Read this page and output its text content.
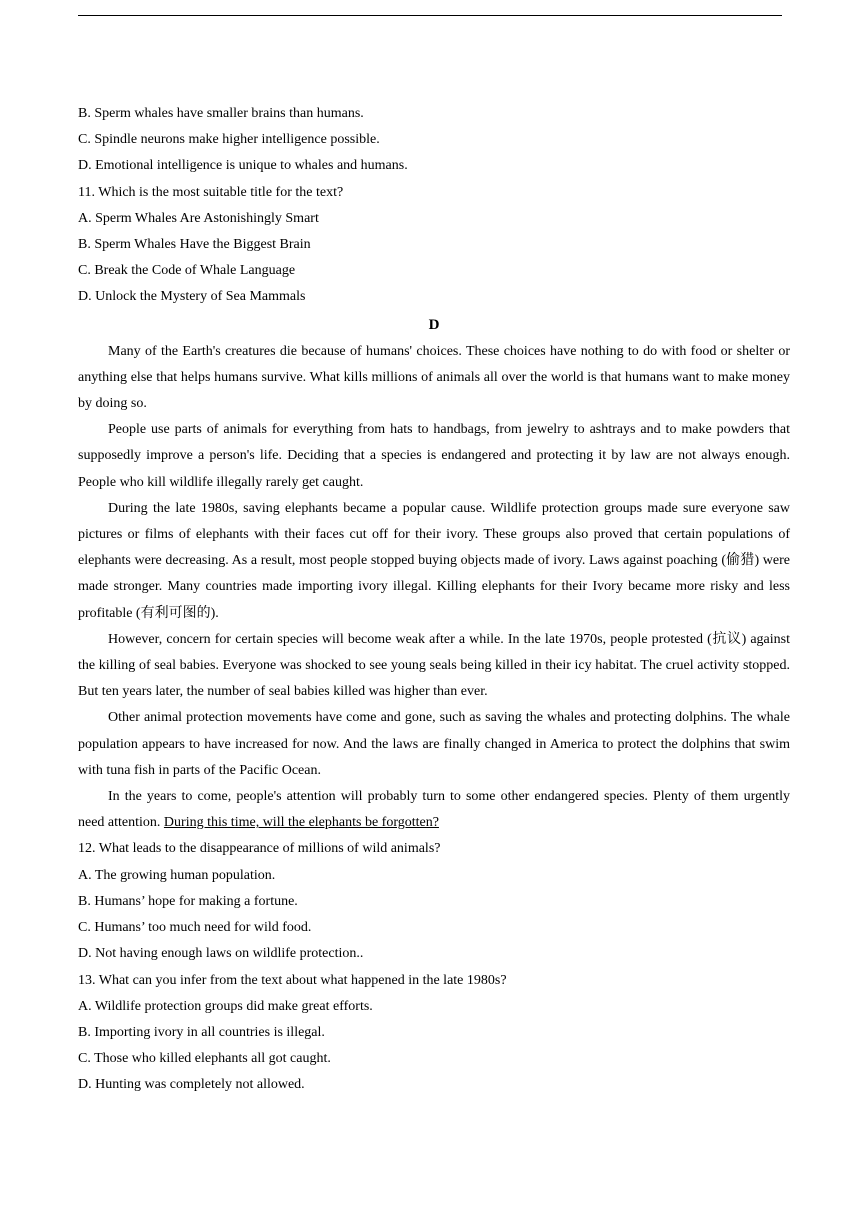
B. Sperm whales have smaller brains than humans.

C. Spindle neurons make higher intelligence possible.

D. Emotional intelligence is unique to whales and humans.

11. Which is the most suitable title for the text?

A. Sperm Whales Are Astonishingly Smart

B. Sperm Whales Have the Biggest Brain

C. Break the Code of Whale Language

D. Unlock the Mystery of Sea Mammals

D

Many of the Earth's creatures die because of humans' choices. These choices have nothing to do with food or shelter or anything else that helps humans survive. What kills millions of animals all over the world is that humans want to make money by doing so.

People use parts of animals for everything from hats to handbags, from jewelry to ashtrays and to make powders that supposedly improve a person's life. Deciding that a species is endangered and protecting it by law are not always enough. People who kill wildlife illegally rarely get caught.

During the late 1980s, saving elephants became a popular cause. Wildlife protection groups made sure everyone saw pictures or films of elephants with their faces cut off for their ivory. These groups also proved that certain populations of elephants were decreasing. As a result, most people stopped buying objects made of ivory. Laws against poaching (偷猎) were made stronger. Many countries made importing ivory illegal. Killing elephants for their Ivory became more risky and less profitable (有利可图的).

However, concern for certain species will become weak after a while. In the late 1970s, people protested (抗议) against the killing of seal babies. Everyone was shocked to see young seals being killed in their icy habitat. The cruel activity stopped. But ten years later, the number of seal babies killed was higher than ever.

Other animal protection movements have come and gone, such as saving the whales and protecting dolphins. The whale population appears to have increased for now. And the laws are finally changed in America to protect the dolphins that swim with tuna fish in parts of the Pacific Ocean.

In the years to come, people's attention will probably turn to some other endangered species. Plenty of them urgently need attention. During this time, will the elephants be forgotten?

12. What leads to the disappearance of millions of wild animals?

A. The growing human population.

B. Humans’ hope for making a fortune.

C. Humans’ too much need for wild food.

D. Not having enough laws on wildlife protection..

13. What can you infer from the text about what happened in the late 1980s?

A. Wildlife protection groups did make great efforts.

B. Importing ivory in all countries is illegal.

C. Those who killed elephants all got caught.

D. Hunting was completely not allowed.
